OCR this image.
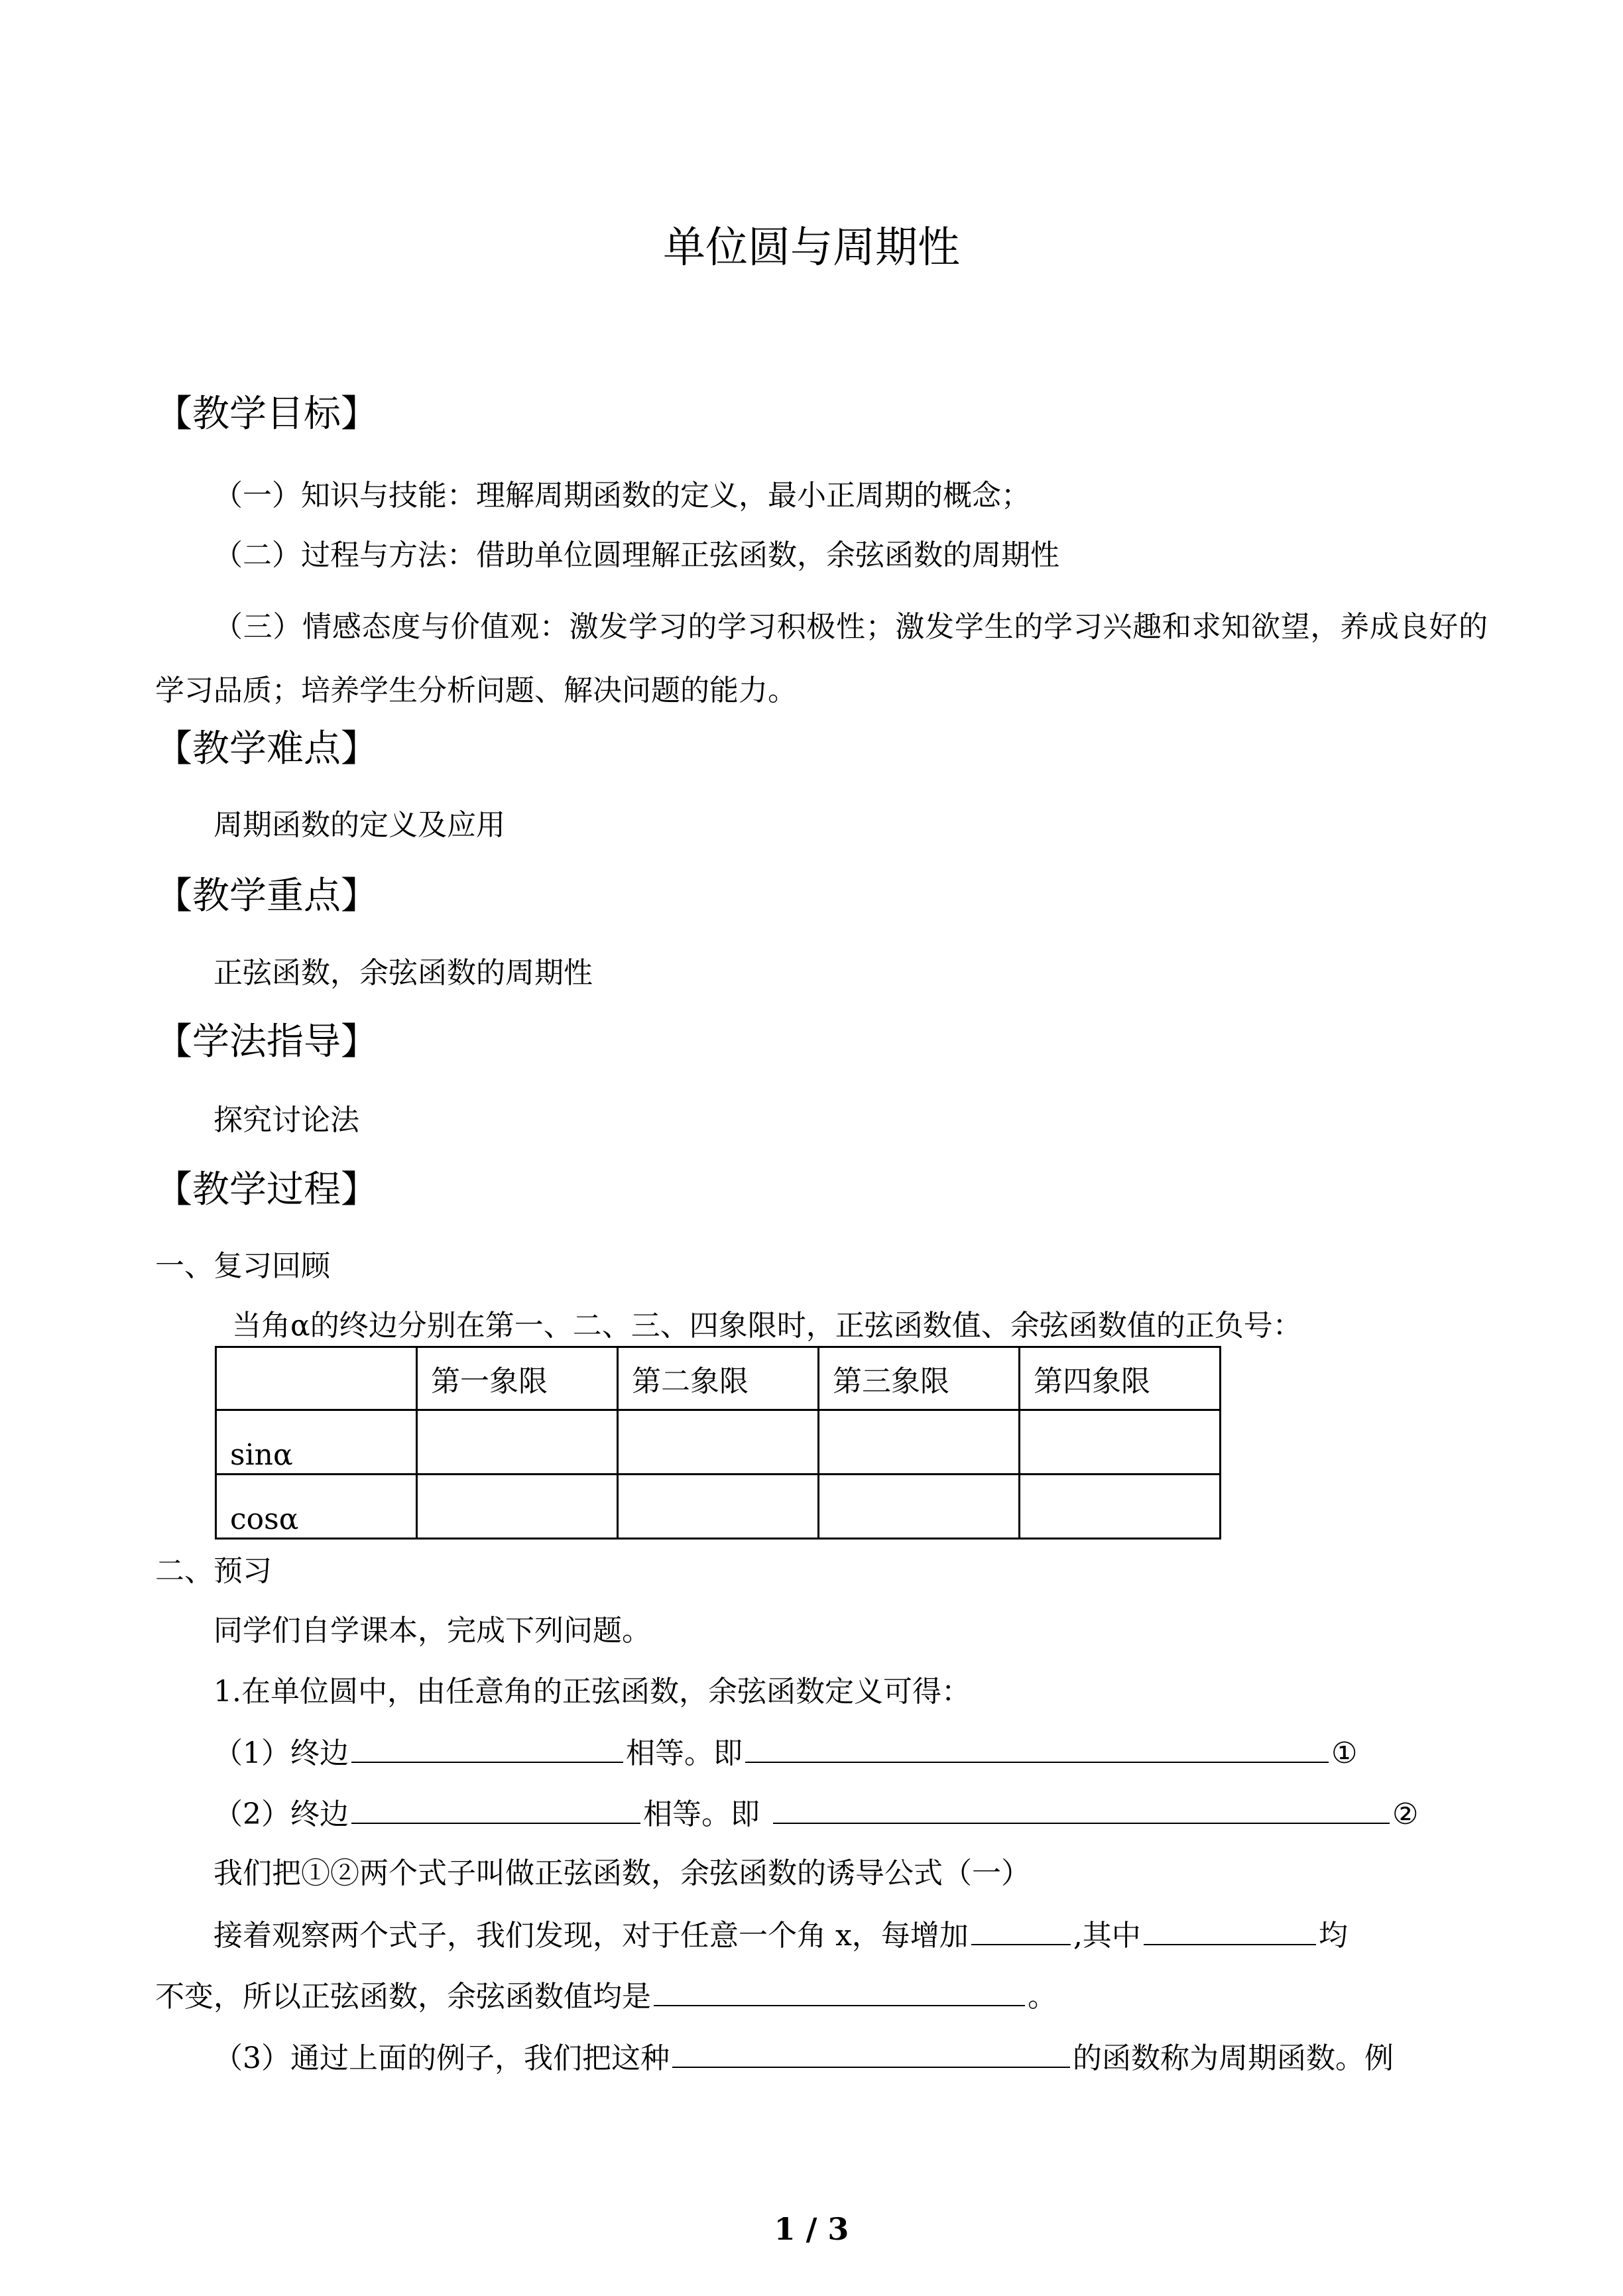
单位圆与周期性
【教学目标】
（一）知识与技能：理解周期函数的定义，最小正周期的概念；
（二）过程与方法：借助单位圆理解正弦函数，余弦函数的周期性
（三）情感态度与价值观：激发学习的学习积极性；激发学生的学习兴趣和求知欲望，养成良好的学习品质；培养学生分析问题、解决问题的能力。
【教学难点】
周期函数的定义及应用
【教学重点】
正弦函数，余弦函数的周期性
【学法指导】
探究讨论法
【教学过程】
一、复习回顾
当角α的终边分别在第一、二、三、四象限时，正弦函数值、余弦函数值的正负号：
	第一象限	第二象限	第三象限	第四象限
sinα				
cosα				
二、预习
同学们自学课本，完成下列问题。
1.在单位圆中，由任意角的正弦函数，余弦函数定义可得：
（1）终边	相等。即	①
（2）终边	相等。即	②
我们把①②两个式子叫做正弦函数，余弦函数的诱导公式（一）
接着观察两个式子，我们发现，对于任意一个角 x，每增加	,其中	均
不变，所以正弦函数，余弦函数值均是	。
（3）通过上面的例子，我们把这种	的函数称为周期函数。例
1 / 3
